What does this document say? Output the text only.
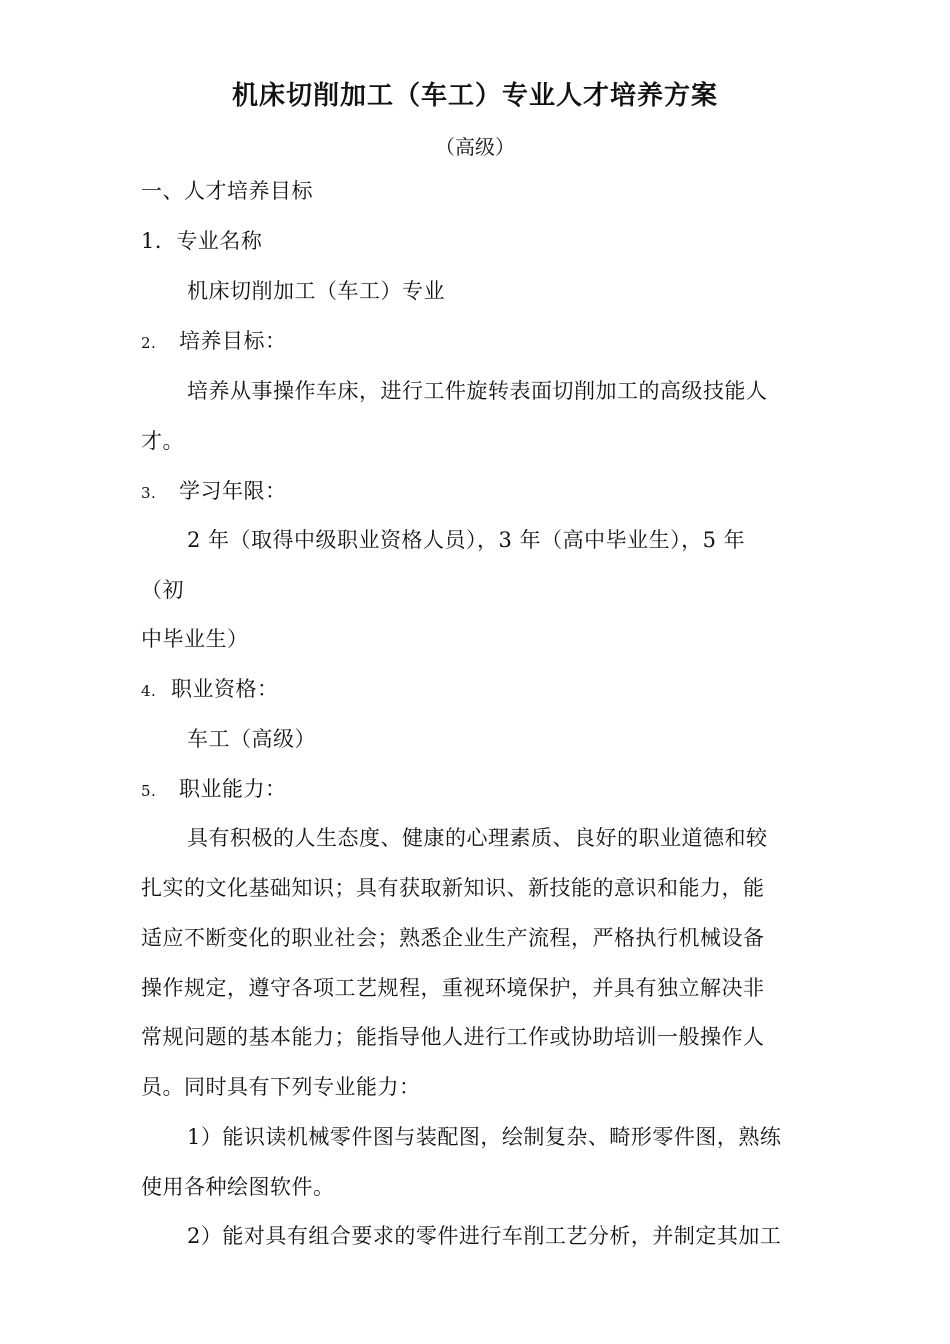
机床切削加工（车工）专业人才培养方案
（高级）
一、人才培养目标
1．专业名称
机床切削加工（车工）专业
2. 培养目标：
培养从事操作车床，进行工件旋转表面切削加工的高级技能人
才。
3. 学习年限：
2 年（取得中级职业资格人员），3 年（高中毕业生），5 年
（初
中毕业生）
4. 职业资格：
车工（高级）
5. 职业能力：
具有积极的人生态度、健康的心理素质、良好的职业道德和较
扎实的文化基础知识；具有获取新知识、新技能的意识和能力，能
适应不断变化的职业社会；熟悉企业生产流程，严格执行机械设备
操作规定，遵守各项工艺规程，重视环境保护，并具有独立解决非
常规问题的基本能力；能指导他人进行工作或协助培训一般操作人
员。同时具有下列专业能力：
1）能识读机械零件图与装配图，绘制复杂、畸形零件图，熟练
使用各种绘图软件。
2）能对具有组合要求的零件进行车削工艺分析，并制定其加工
